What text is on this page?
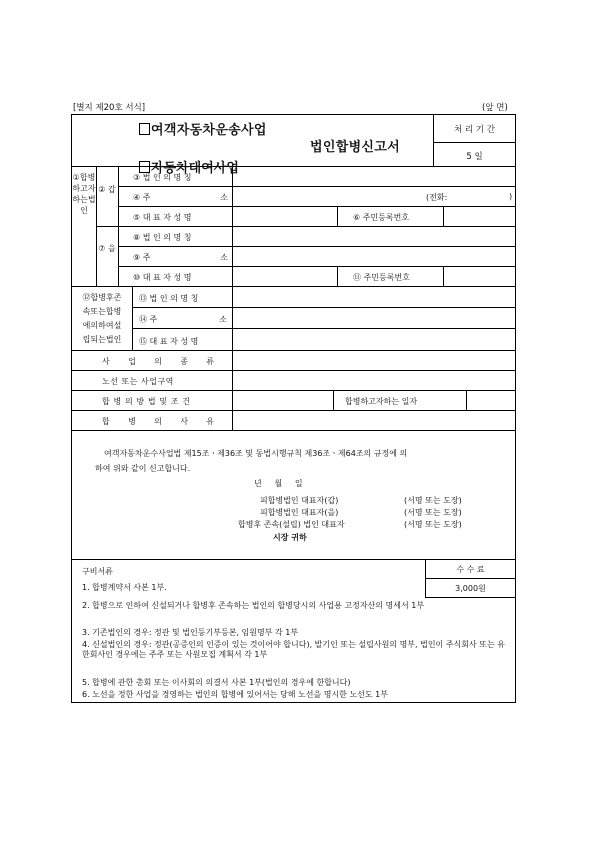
[별지 제20호 서식]	(앞 면)
여객자동차운송사업
법인합병신고서
자동차대여사업
처 리 기 간
5 일
①합병하고자하는법인
② 갑
⑦ 을
③ 법 인 의 명 칭
④ 주	소	(전화:	)
⑤ 대 표 자 성 명	⑥ 주민등록번호
⑧ 법 인 의 명 칭
⑨ 주	소
⑩ 대 표 자 성 명	⑪ 주민등록번호
⑫합병후존
속또는합병
에의하여설
립되는법인
⑬ 법 인 의 명 칭
⑭ 주	소
⑮ 대 표 자 성 명
사 업 의 종 류
노선 또는 사업구역
합 병 의 방 법 및 조 건	합병하고자하는 일자
합 병 의 사 유
여객자동차운수사업법 제15조ㆍ제36조 및 동법시행규칙 제36조ㆍ제64조의 규정에 의
하여 위와 같이 신고합니다.
년     월     일
피합병법인 대표자(갑)	(서명 또는 도장)
피합병법인 대표자(을)	(서명 또는 도장)
합병후 존속(설립) 법인 대표자	(서명 또는 도장)
시장 귀하
구비서류	수 수 료
3,000원
1. 합병계약서 사본 1부.
2. 합병으로 인하여 신설되거나 합병후 존속하는 법인의 합병당시의 사업용 고정자산의 명세서 1부
3. 기존법인의 경우: 정관 및 법인등기부등본, 임원명부 각 1부
4. 신설법인의 경우: 정관(공증인의 인증이 있는 것이어야 합니다), 발기인 또는 설립사원의 명부, 법인이 주식회사 또는 유한회사인 경우에는 주주 또는 사원모집 계획서 각 1부
5. 합병에 관한 총회 또는 이사회의 의결서 사본 1부(법인의 경우에 한합니다)
6. 노선을 정한 사업을 경영하는 법인의 합병에 있어서는 당해 노선을 명시한 노선도 1부
